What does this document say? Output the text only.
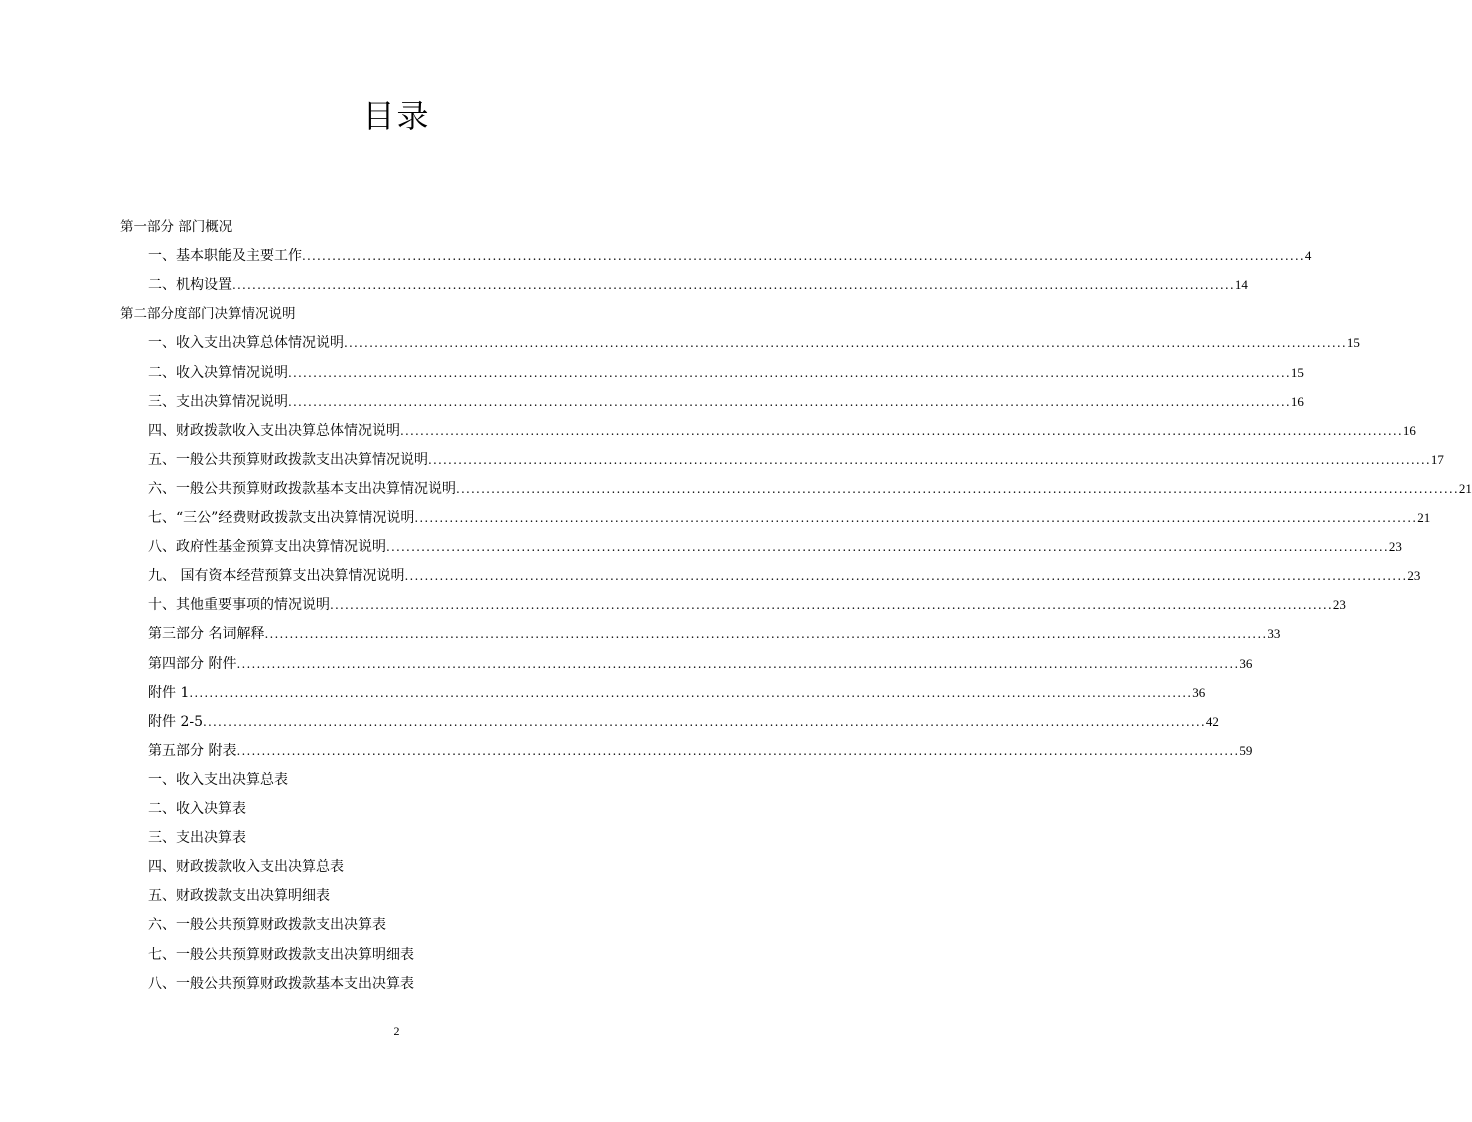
目录
第一部分 部门概况
一、基本职能及主要工作 ........................................................................................................................................................................................................ 4
二、机构设置 ........................................................................................................................................................................................................ 14
第二部分度部门决算情况说明
一、收入支出决算总体情况说明 ........................................................................................................................................................................................................ 15
二、收入决算情况说明 ........................................................................................................................................................................................................ 15
三、支出决算情况说明 ........................................................................................................................................................................................................ 16
四、财政拨款收入支出决算总体情况说明 ........................................................................................................................................................................................................ 16
五、一般公共预算财政拨款支出决算情况说明 ........................................................................................................................................................................................................ 17
六、一般公共预算财政拨款基本支出决算情况说明 ........................................................................................................................................................................................................ 21
七、“三公”经费财政拨款支出决算情况说明 ........................................................................................................................................................................................................ 21
八、政府性基金预算支出决算情况说明 ........................................................................................................................................................................................................ 23
九、 国有资本经营预算支出决算情况说明 ........................................................................................................................................................................................................ 23
十、其他重要事项的情况说明 ........................................................................................................................................................................................................ 23
第三部分 名词解释 ........................................................................................................................................................................................................ 33
第四部分 附件 ........................................................................................................................................................................................................ 36
附件 1 ........................................................................................................................................................................................................ 36
附件 2-5 ........................................................................................................................................................................................................ 42
第五部分 附表 ........................................................................................................................................................................................................ 59
一、收入支出决算总表
二、收入决算表
三、支出决算表
四、财政拨款收入支出决算总表
五、财政拨款支出决算明细表
六、一般公共预算财政拨款支出决算表
七、一般公共预算财政拨款支出决算明细表
八、一般公共预算财政拨款基本支出决算表
2
